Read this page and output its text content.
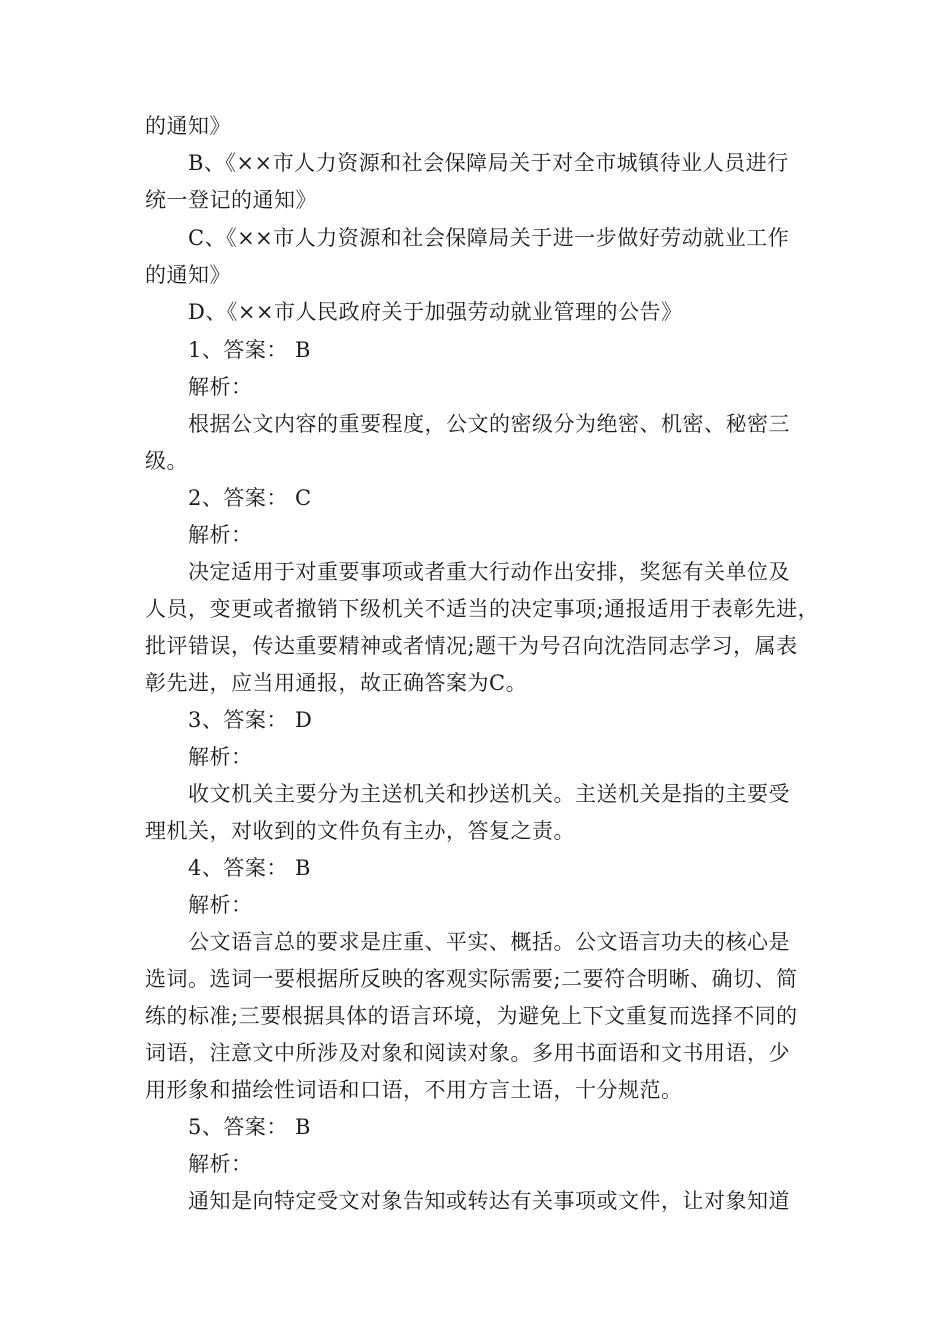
的通知》
B、《××市人力资源和社会保障局关于对全市城镇待业人员进行
统一登记的通知》
C、《××市人力资源和社会保障局关于进一步做好劳动就业工作
的通知》
D、《××市人民政府关于加强劳动就业管理的公告》
1、答案： B
解析：
根据公文内容的重要程度，公文的密级分为绝密、机密、秘密三
级。
2、答案： C
解析：
决定适用于对重要事项或者重大行动作出安排，奖惩有关单位及
人员，变更或者撤销下级机关不适当的决定事项;通报适用于表彰先进，
批评错误，传达重要精神或者情况;题干为号召向沈浩同志学习，属表
彰先进，应当用通报，故正确答案为C。
3、答案： D
解析：
收文机关主要分为主送机关和抄送机关。主送机关是指的主要受
理机关，对收到的文件负有主办，答复之责。
4、答案： B
解析：
公文语言总的要求是庄重、平实、概括。公文语言功夫的核心是
选词。选词一要根据所反映的客观实际需要;二要符合明晰、确切、简
练的标准;三要根据具体的语言环境，为避免上下文重复而选择不同的
词语，注意文中所涉及对象和阅读对象。多用书面语和文书用语，少
用形象和描绘性词语和口语，不用方言土语，十分规范。
5、答案： B
解析：
通知是向特定受文对象告知或转达有关事项或文件，让对象知道
